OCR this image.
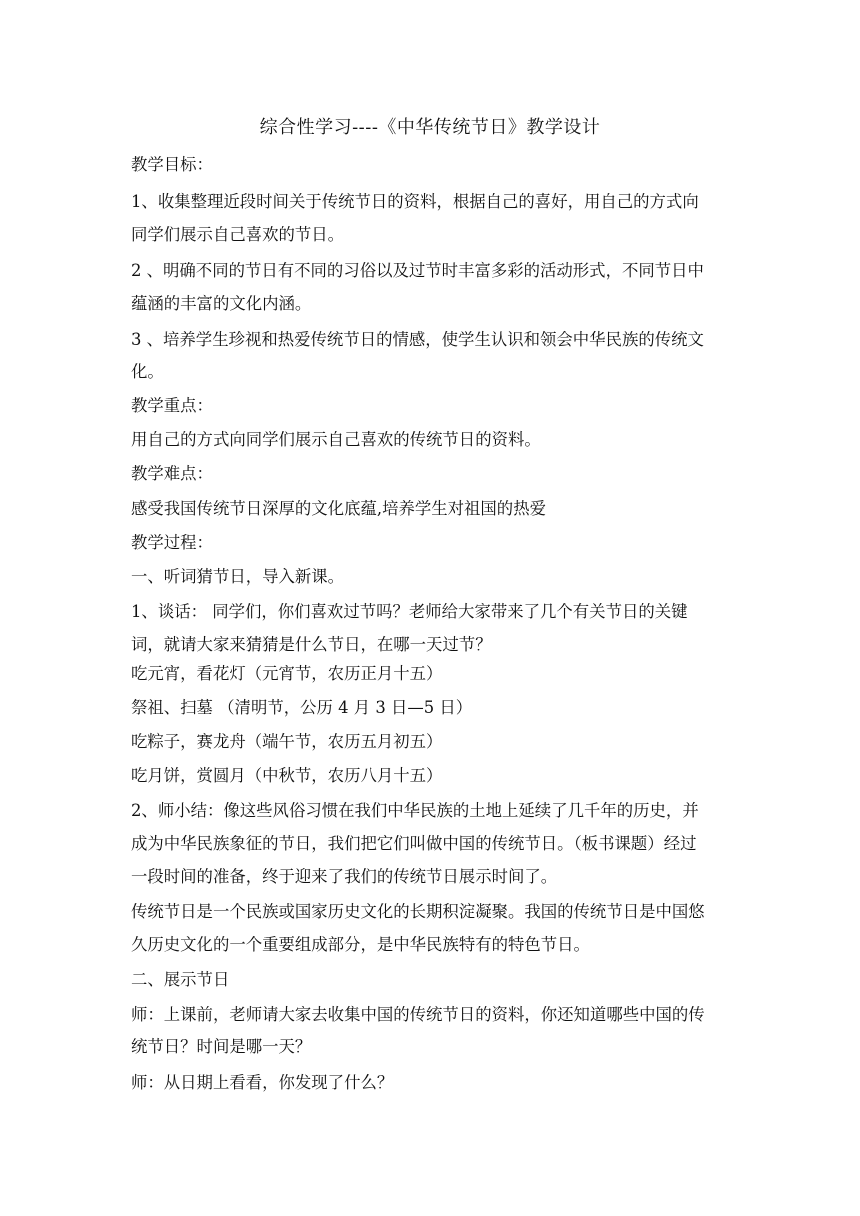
综合性学习----《中华传统节日》教学设计
教学目标：
1、收集整理近段时间关于传统节日的资料，根据自己的喜好，用自己的方式向
同学们展示自己喜欢的节日。
2 、明确不同的节日有不同的习俗以及过节时丰富多彩的活动形式，不同节日中
蕴涵的丰富的文化内涵。
3 、培养学生珍视和热爱传统节日的情感，使学生认识和领会中华民族的传统文
化。
教学重点：
用自己的方式向同学们展示自己喜欢的传统节日的资料。
教学难点：
感受我国传统节日深厚的文化底蕴,培养学生对祖国的热爱
教学过程：
一、听词猜节日，导入新课。
1、谈话： 同学们，你们喜欢过节吗？老师给大家带来了几个有关节日的关键
词，就请大家来猜猜是什么节日，在哪一天过节？
吃元宵，看花灯（元宵节，农历正月十五）
祭祖、扫墓 （清明节，公历 4 月 3 日—5 日）
吃粽子，赛龙舟（端午节，农历五月初五）
吃月饼，赏圆月（中秋节，农历八月十五）
2、师小结：像这些风俗习惯在我们中华民族的土地上延续了几千年的历史，并
成为中华民族象征的节日，我们把它们叫做中国的传统节日。（板书课题）经过
一段时间的准备，终于迎来了我们的传统节日展示时间了。
传统节日是一个民族或国家历史文化的长期积淀凝聚。我国的传统节日是中国悠
久历史文化的一个重要组成部分，是中华民族特有的特色节日。
二、展示节日
师：上课前，老师请大家去收集中国的传统节日的资料，你还知道哪些中国的传
统节日？时间是哪一天？
师：从日期上看看，你发现了什么？
